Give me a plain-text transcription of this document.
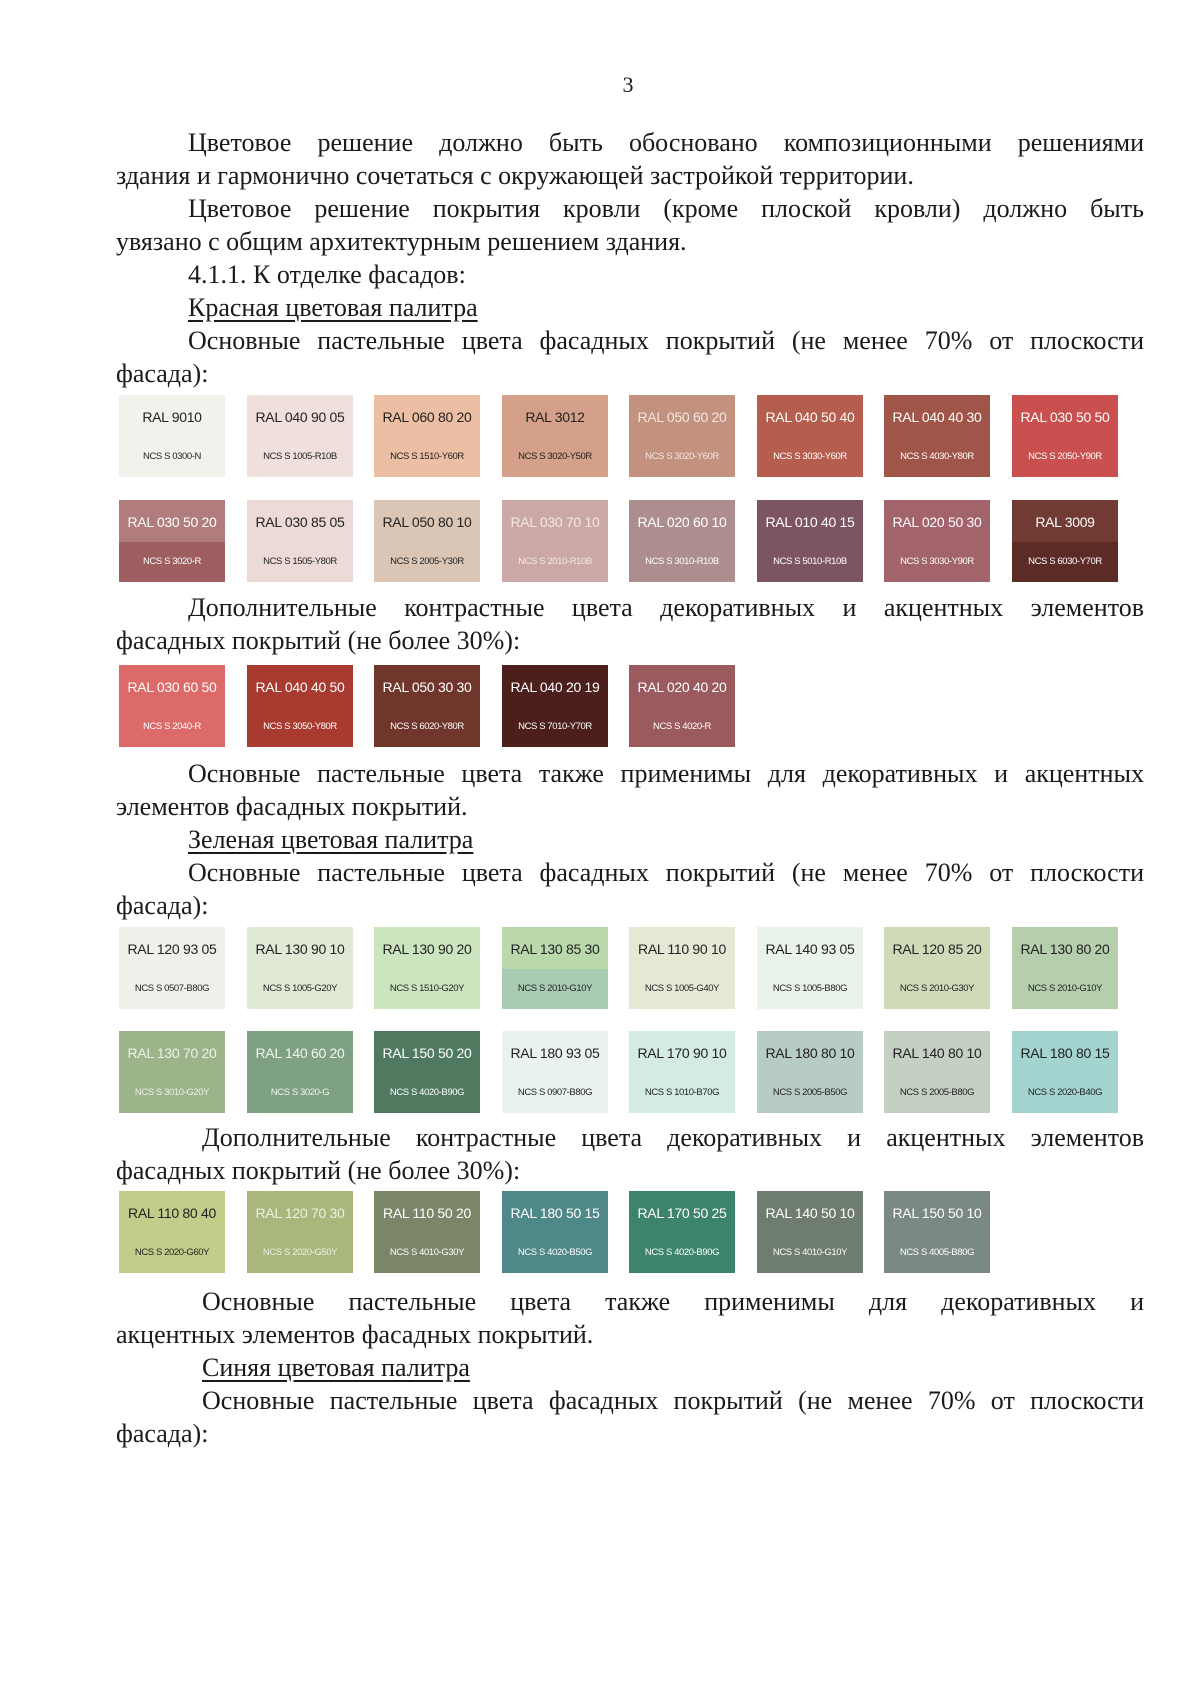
3
Цветовое решение должно быть обосновано композиционными решениями
здания и гармонично сочетаться с окружающей застройкой территории.
Цветовое решение покрытия кровли (кроме плоской кровли) должно быть
увязано с общим архитектурным решением здания.
4.1.1. К отделке фасадов:
Красная цветовая палитра
Основные пастельные цвета фасадных покрытий (не менее 70% от плоскости
фасада):
RAL 9010
NCS S 0300-N
RAL 040 90 05
NCS S 1005-R10B
RAL 060 80 20
NCS S 1510-Y60R
RAL 3012
NCS S 3020-Y50R
RAL 050 60 20
NCS S 3020-Y60R
RAL 040 50 40
NCS S 3030-Y60R
RAL 040 40 30
NCS S 4030-Y80R
RAL 030 50 50
NCS S 2050-Y90R
RAL 030 50 20
NCS S 3020-R
RAL 030 85 05
NCS S 1505-Y80R
RAL 050 80 10
NCS S 2005-Y30R
RAL 030 70 10
NCS S 2010-R10B
RAL 020 60 10
NCS S 3010-R10B
RAL 010 40 15
NCS S 5010-R10B
RAL 020 50 30
NCS S 3030-Y90R
RAL 3009
NCS S 6030-Y70R
Дополнительные контрастные цвета декоративных и акцентных элементов
фасадных покрытий (не более 30%):
RAL 030 60 50
NCS S 2040-R
RAL 040 40 50
NCS S 3050-Y80R
RAL 050 30 30
NCS S 6020-Y80R
RAL 040 20 19
NCS S 7010-Y70R
RAL 020 40 20
NCS S 4020-R
Основные пастельные цвета также применимы для декоративных и акцентных
элементов фасадных покрытий.
Зеленая цветовая палитра
Основные пастельные цвета фасадных покрытий (не менее 70% от плоскости
фасада):
RAL 120 93 05
NCS S 0507-B80G
RAL 130 90 10
NCS S 1005-G20Y
RAL 130 90 20
NCS S 1510-G20Y
RAL 130 85 30
NCS S 2010-G10Y
RAL 110 90 10
NCS S 1005-G40Y
RAL 140 93 05
NCS S 1005-B80G
RAL 120 85 20
NCS S 2010-G30Y
RAL 130 80 20
NCS S 2010-G10Y
RAL 130 70 20
NCS S 3010-G20Y
RAL 140 60 20
NCS S 3020-G
RAL 150 50 20
NCS S 4020-B90G
RAL 180 93 05
NCS S 0907-B80G
RAL 170 90 10
NCS S 1010-B70G
RAL 180 80 10
NCS S 2005-B50G
RAL 140 80 10
NCS S 2005-B80G
RAL 180 80 15
NCS S 2020-B40G
Дополнительные контрастные цвета декоративных и акцентных элементов
фасадных покрытий (не более 30%):
RAL 110 80 40
NCS S 2020-G60Y
RAL 120 70 30
NCS S 2020-G50Y
RAL 110 50 20
NCS S 4010-G30Y
RAL 180 50 15
NCS S 4020-B50G
RAL 170 50 25
NCS S 4020-B90G
RAL 140 50 10
NCS S 4010-G10Y
RAL 150 50 10
NCS S 4005-B80G
Основные пастельные цвета также применимы для декоративных и
акцентных элементов фасадных покрытий.
Синяя цветовая палитра
Основные пастельные цвета фасадных покрытий (не менее 70% от плоскости
фасада):
